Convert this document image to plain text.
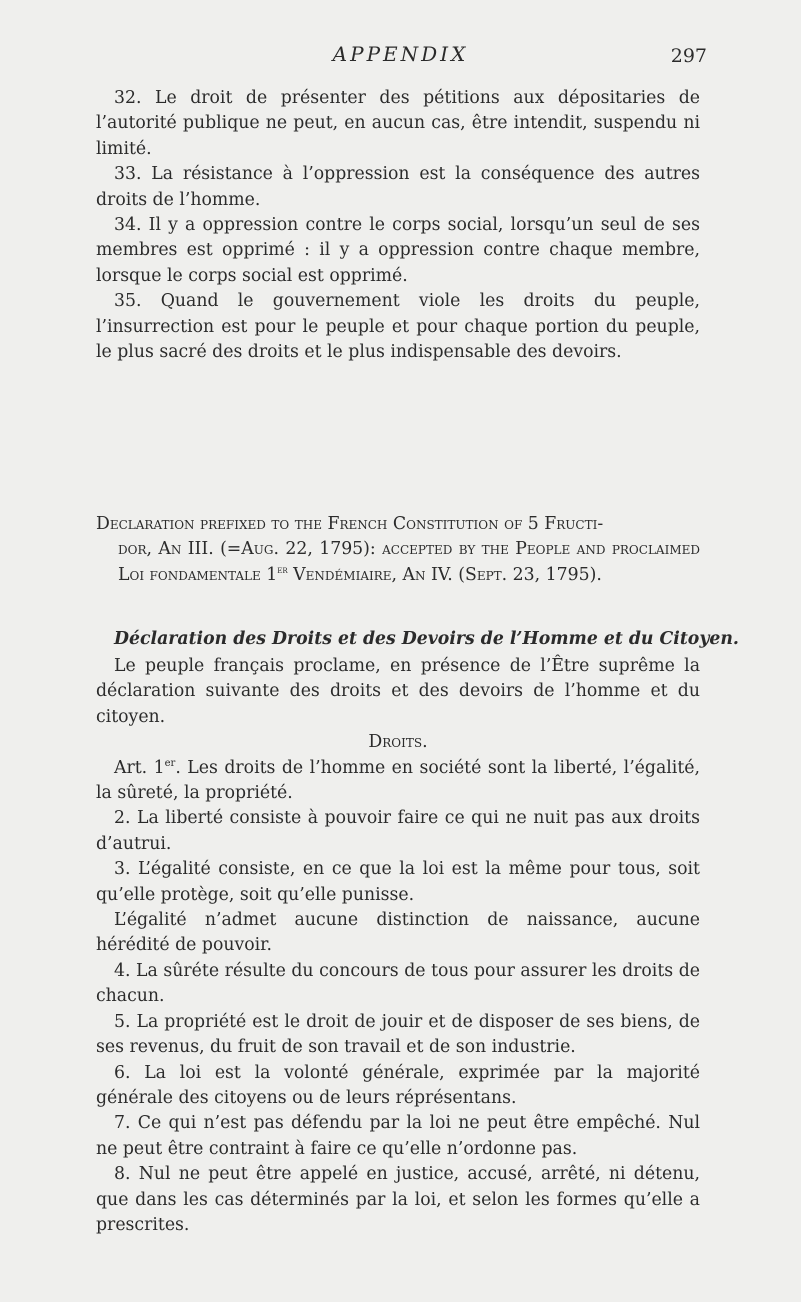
APPENDIX	297

32. Le droit de présenter des pétitions aux dépositaries de l’autorité publique ne peut, en aucun cas, être intendit, suspendu ni limité.

33. La résistance à l’oppression est la conséquence des autres droits de l’homme.

34. Il y a oppression contre le corps social, lorsqu’un seul de ses membres est opprimé : il y a oppression contre chaque membre, lorsque le corps social est opprimé.

35. Quand le gouvernement viole les droits du peuple, l’insurrection est pour le peuple et pour chaque portion du peuple, le plus sacré des droits et le plus indispensable des devoirs.

Declaration prefixed to the French Constitution of 5 Fructi-
dor, An III. (=Aug. 22, 1795): accepted by the People and proclaimed Loi fondamentale 1er Vendémiaire, An IV. (Sept. 23, 1795).
Déclaration des Droits et des Devoirs de l’Homme et du Citoyen.

Le peuple français proclame, en présence de l’Être suprême la déclaration suivante des droits et des devoirs de l’homme et du citoyen.

Droits.

Art. 1er. Les droits de l’homme en société sont la liberté, l’égalité, la sûreté, la propriété.

2. La liberté consiste à pouvoir faire ce qui ne nuit pas aux droits d’autrui.

3. L’égalité consiste, en ce que la loi est la même pour tous, soit qu’elle protège, soit qu’elle punisse.

L’égalité n’admet aucune distinction de naissance, aucune hérédité de pouvoir.

4. La sûréte résulte du concours de tous pour assurer les droits de chacun.

5. La propriété est le droit de jouir et de disposer de ses biens, de ses revenus, du fruit de son travail et de son industrie.

6. La loi est la volonté générale, exprimée par la majorité générale des citoyens ou de leurs réprésentans.

7. Ce qui n’est pas défendu par la loi ne peut être empêché. Nul ne peut être contraint à faire ce qu’elle n’ordonne pas.

8. Nul ne peut être appelé en justice, accusé, arrêté, ni détenu, que dans les cas déterminés par la loi, et selon les formes qu’elle a prescrites.
